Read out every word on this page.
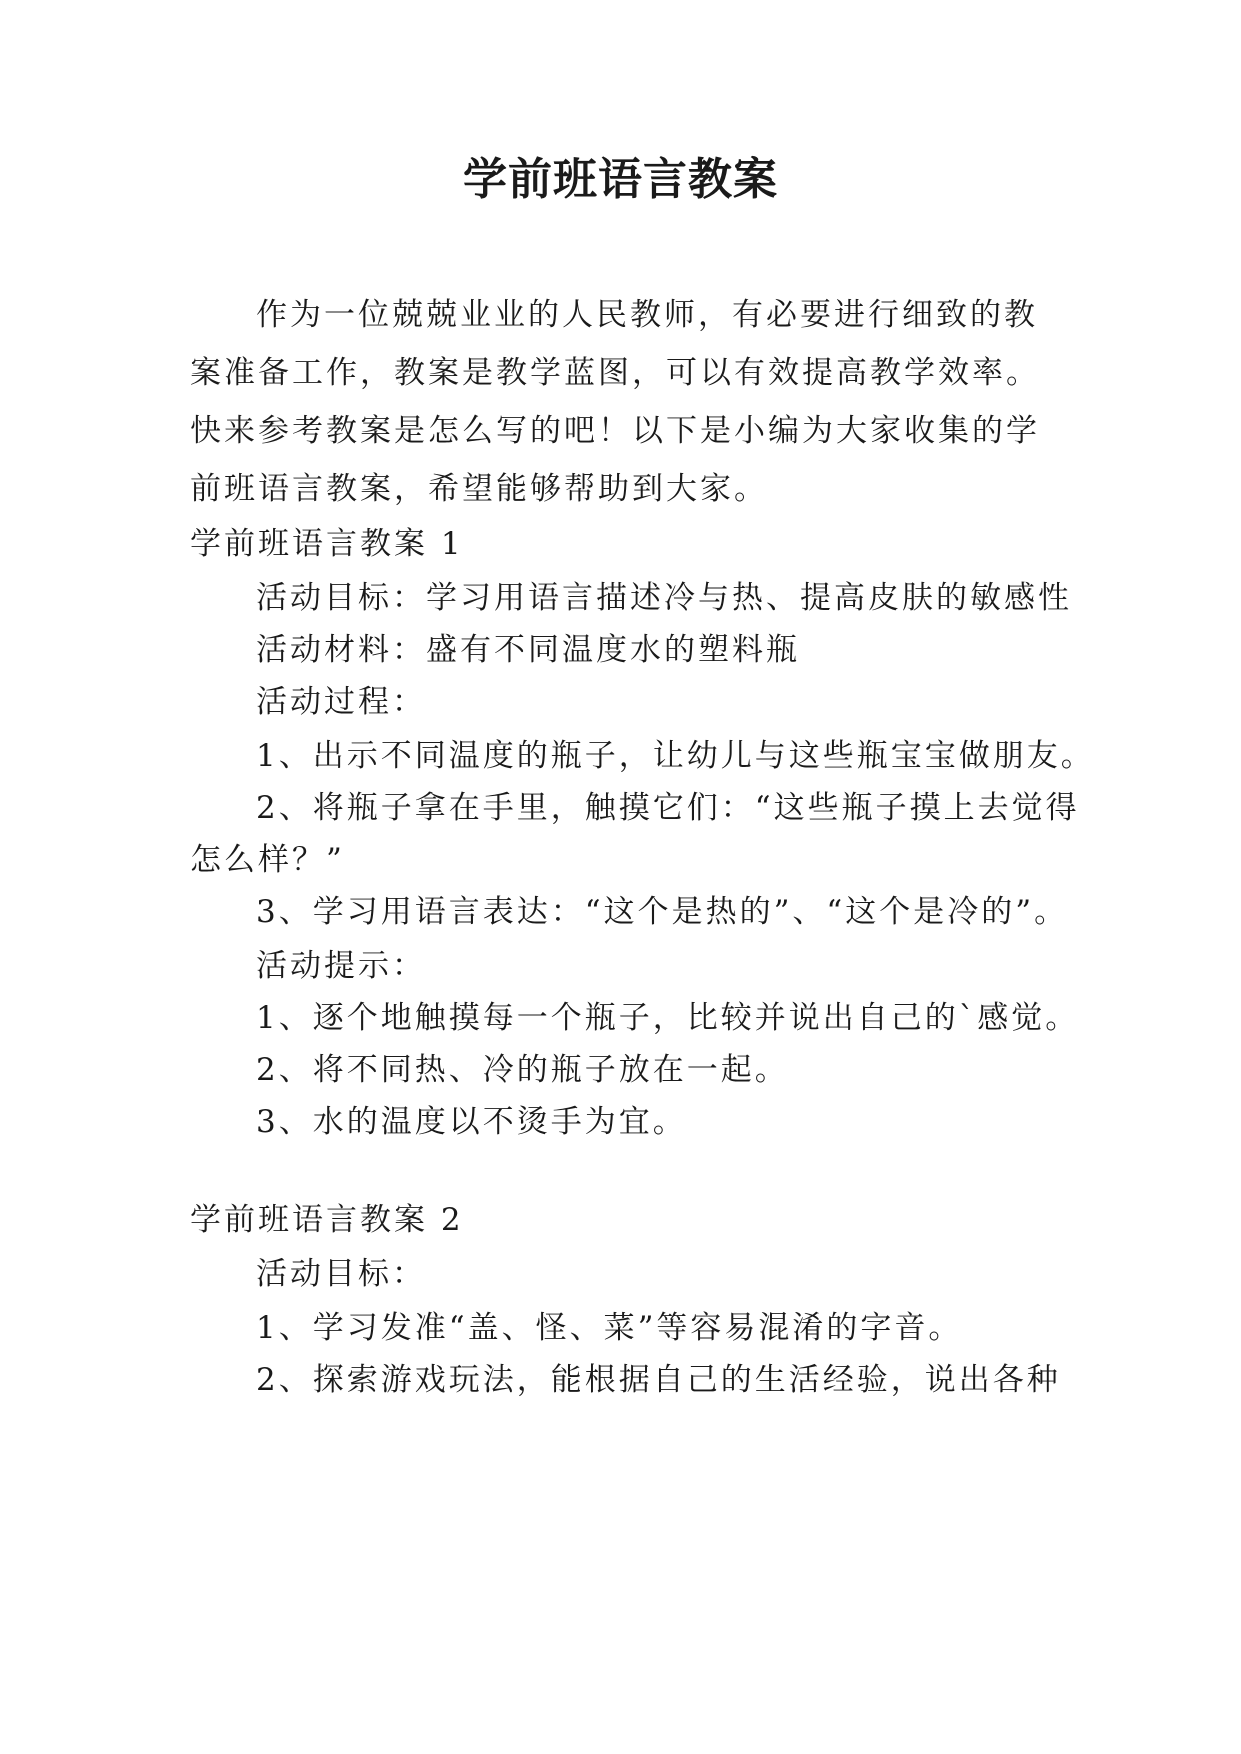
学前班语言教案

作为一位兢兢业业的人民教师，有必要进行细致的教案准备工作，教案是教学蓝图，可以有效提高教学效率。快来参考教案是怎么写的吧！以下是小编为大家收集的学前班语言教案，希望能够帮助到大家。

学前班语言教案 1

活动目标：学习用语言描述冷与热、提高皮肤的敏感性

活动材料：盛有不同温度水的塑料瓶

活动过程：

1、出示不同温度的瓶子，让幼儿与这些瓶宝宝做朋友。

2、将瓶子拿在手里，触摸它们：“这些瓶子摸上去觉得

怎么样？”

3、学习用语言表达：“这个是热的”、“这个是冷的”。

活动提示：

1、逐个地触摸每一个瓶子，比较并说出自己的`感觉。

2、将不同热、冷的瓶子放在一起。

3、水的温度以不烫手为宜。

学前班语言教案 2

活动目标：

1、学习发准“盖、怪、菜”等容易混淆的字音。

2、探索游戏玩法，能根据自己的生活经验，说出各种
